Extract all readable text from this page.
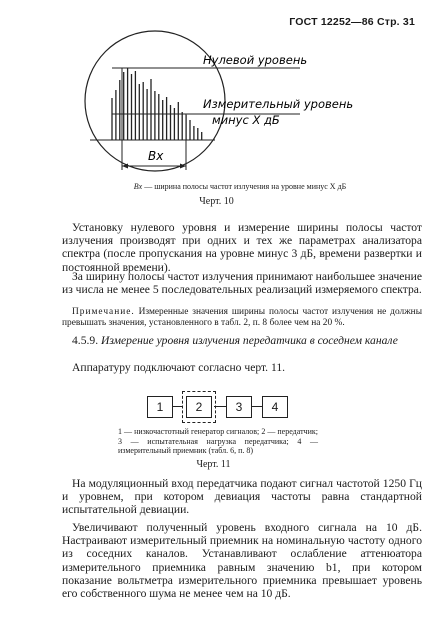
ГОСТ 12252—86 Стр. 31
Bx
Нулевой уровень
Измерительный уровень
минус X дБ
Bx — ширина полосы частот излучения на уровне минус X дБ
Черт. 10
Установку нулевого уровня и измерение ширины полосы частот излучения производят при одних и тех же параметрах анализатора спектра (после пропускания на уровне минус 3 дБ, времени развертки и постоянной времени).
За ширину полосы частот излучения принимают наибольшее значение из числа не менее 5 последовательных реализаций измеряемого спектра.
Примечание. Измеренные значения ширины полосы частот излучения не должны превышать значения, установленного в табл. 2, п. 8 более чем на 20 %.
4.5.9. Измерение уровня излучения передатчика в соседнем канале
Аппаратуру подключают согласно черт. 11.
1	2	3	4
1 — низкочастотный генератор сигналов; 2 — передатчик; 3 — испытательная нагрузка передатчика; 4 — измерительный приемник (табл. 6, п. 8)
Черт. 11
На модуляционный вход передатчика подают сигнал частотой 1250 Гц и уровнем, при котором девиация частоты равна стандартной испытательной девиации.
Увеличивают полученный уровень входного сигнала на 10 дБ. Настраивают измерительный приемник на номинальную частоту одного из соседних каналов. Устанавливают ослабление аттенюатора измерительного приемника равным значению b1, при котором показание вольтметра измерительного приемника превышает уровень его собственного шума не менее чем на 10 дБ.
